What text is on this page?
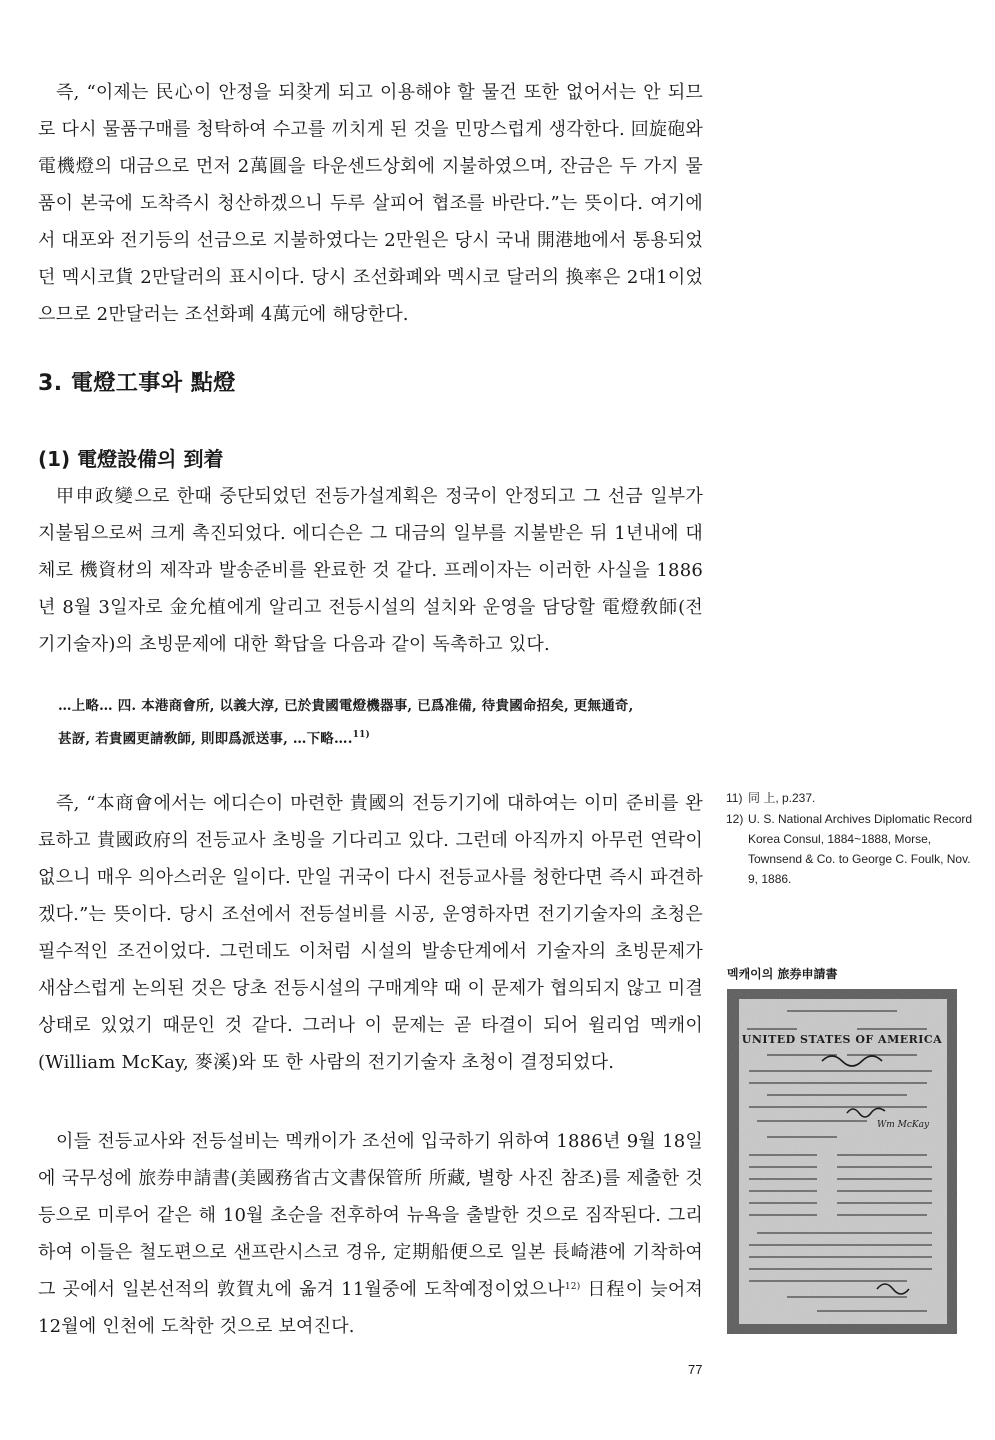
즉, “이제는 民心이 안정을 되찾게 되고 이용해야 할 물건 또한 없어서는 안 되므로 다시 물품구매를 청탁하여 수고를 끼치게 된 것을 민망스럽게 생각한다. 回旋砲와 電機燈의 대금으로 먼저 2萬圓을 타운센드상회에 지불하였으며, 잔금은 두 가지 물품이 본국에 도착즉시 청산하겠으니 두루 살피어 협조를 바란다.”는 뜻이다. 여기에서 대포와 전기등의 선금으로 지불하였다는 2만원은 당시 국내 開港地에서 통용되었던 멕시코貨 2만달러의 표시이다. 당시 조선화폐와 멕시코 달러의 換率은 2대1이었으므로 2만달러는 조선화폐 4萬元에 해당한다.

3. 電燈工事와 點燈
(1) 電燈設備의 到着

甲申政變으로 한때 중단되었던 전등가설계획은 정국이 안정되고 그 선금 일부가 지불됨으로써 크게 촉진되었다. 에디슨은 그 대금의 일부를 지불받은 뒤 1년내에 대체로 機資材의 제작과 발송준비를 완료한 것 같다. 프레이자는 이러한 사실을 1886년 8월 3일자로 金允植에게 알리고 전등시설의 설치와 운영을 담당할 電燈敎師(전기기술자)의 초빙문제에 대한 확답을 다음과 같이 독촉하고 있다.

…上略… 四. 本港商會所, 以義大淳, 已於貴國電燈機器事, 已爲准備, 待貴國命招矣, 更無通奇,
甚訝, 若貴國更請敎師, 則即爲派送事, …下略….$^{11)}$

즉, “本商會에서는 에디슨이 마련한 貴國의 전등기기에 대하여는 이미 준비를 완료하고 貴國政府의 전등교사 초빙을 기다리고 있다. 그런데 아직까지 아무런 연락이 없으니 매우 의아스러운 일이다. 만일 귀국이 다시 전등교사를 청한다면 즉시 파견하겠다.”는 뜻이다. 당시 조선에서 전등설비를 시공, 운영하자면 전기기술자의 초청은 필수적인 조건이었다. 그런데도 이처럼 시설의 발송단계에서 기술자의 초빙문제가 새삼스럽게 논의된 것은 당초 전등시설의 구매계약 때 이 문제가 협의되지 않고 미결상태로 있었기 때문인 것 같다. 그러나 이 문제는 곧 타결이 되어 윌리엄 멕캐이(William McKay, 麥溪)와 또 한 사람의 전기기술자 초청이 결정되었다.

이들 전등교사와 전등설비는 멕캐이가 조선에 입국하기 위하여 1886년 9월 18일에 국무성에 旅券申請書(美國務省古文書保管所 所藏, 별항 사진 참조)를 제출한 것 등으로 미루어 같은 해 10월 초순을 전후하여 뉴욕을 출발한 것으로 짐작된다. 그리하여 이들은 철도편으로 샌프란시스코 경유, 定期船便으로 일본 長崎港에 기착하여 그 곳에서 일본선적의 敦賀丸에 옮겨 11월중에 도착예정이었으나$^{12)}$ 日程이 늦어져 12월에 인천에 도착한 것으로 보여진다.

11) 同 上, p.237.
12) U. S. National Archives Diplomatic Record Korea Consul, 1884~1888, Morse, Townsend & Co. to George C. Foulk, Nov. 9, 1886.
멕캐이의 旅券申請書
UNITED STATES OF AMERICA
Wm McKay
77
